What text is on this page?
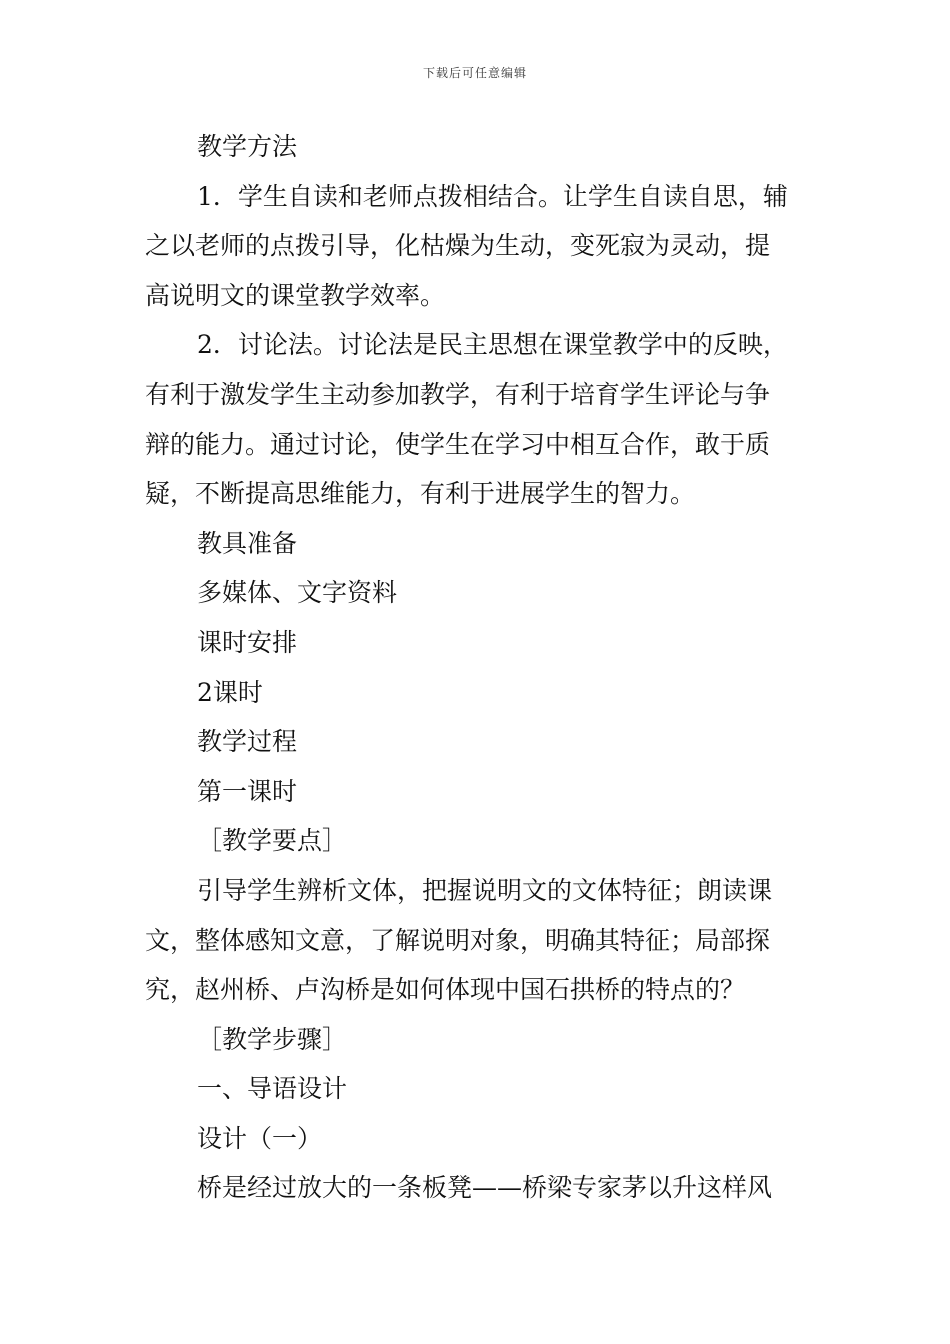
下载后可任意编辑
教学方法
1．学生自读和老师点拨相结合。让学生自读自思，辅
之以老师的点拨引导，化枯燥为生动，变死寂为灵动，提
高说明文的课堂教学效率。
2．讨论法。讨论法是民主思想在课堂教学中的反映，
有利于激发学生主动参加教学，有利于培育学生评论与争
辩的能力。通过讨论，使学生在学习中相互合作，敢于质
疑，不断提高思维能力，有利于进展学生的智力。
教具准备
多媒体、文字资料
课时安排
2课时
教学过程
第一课时
［教学要点］
引导学生辨析文体，把握说明文的文体特征；朗读课
文，整体感知文意，了解说明对象，明确其特征；局部探
究，赵州桥、卢沟桥是如何体现中国石拱桥的特点的？
［教学步骤］
一、导语设计
设计（一）
桥是经过放大的一条板凳——桥梁专家茅以升这样风
